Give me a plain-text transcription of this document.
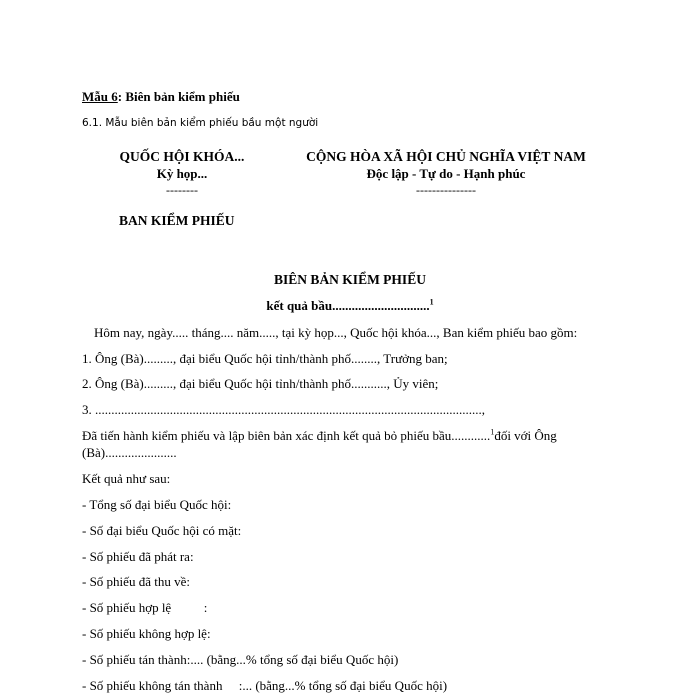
Mẫu 6: Biên bản kiểm phiếu
6.1. Mẫu biên bản kiểm phiếu bầu một người
QUỐC HỘI KHÓA...
Kỳ họp...
--------
CỘNG HÒA XÃ HỘI CHỦ NGHĨA VIỆT NAM
Độc lập - Tự do - Hạnh phúc
---------------
BAN KIỂM PHIẾU
BIÊN BẢN KIỂM PHIẾU
kết quả bầu..............................$^1$
Hôm nay, ngày..... tháng.... năm....., tại kỳ họp..., Quốc hội khóa..., Ban kiểm phiếu bao gồm:
1. Ông (Bà)........., đại biểu Quốc hội tỉnh/thành phố........, Trưởng ban;
2. Ông (Bà)........., đại biểu Quốc hội tỉnh/thành phố..........., Ủy viên;
3. .......................................................................................................................,
Đã tiến hành kiểm phiếu và lập biên bản xác định kết quả bỏ phiếu bầu............$^1$đối với Ông
(Bà)......................
Kết quả như sau:
- Tổng số đại biểu Quốc hội:
- Số đại biểu Quốc hội có mặt:
- Số phiếu đã phát ra:
- Số phiếu đã thu về:
- Số phiếu hợp lệ          :
- Số phiếu không hợp lệ:
- Số phiếu tán thành:.... (bằng...% tổng số đại biểu Quốc hội)
- Số phiếu không tán thành     :... (bằng...% tổng số đại biểu Quốc hội)
